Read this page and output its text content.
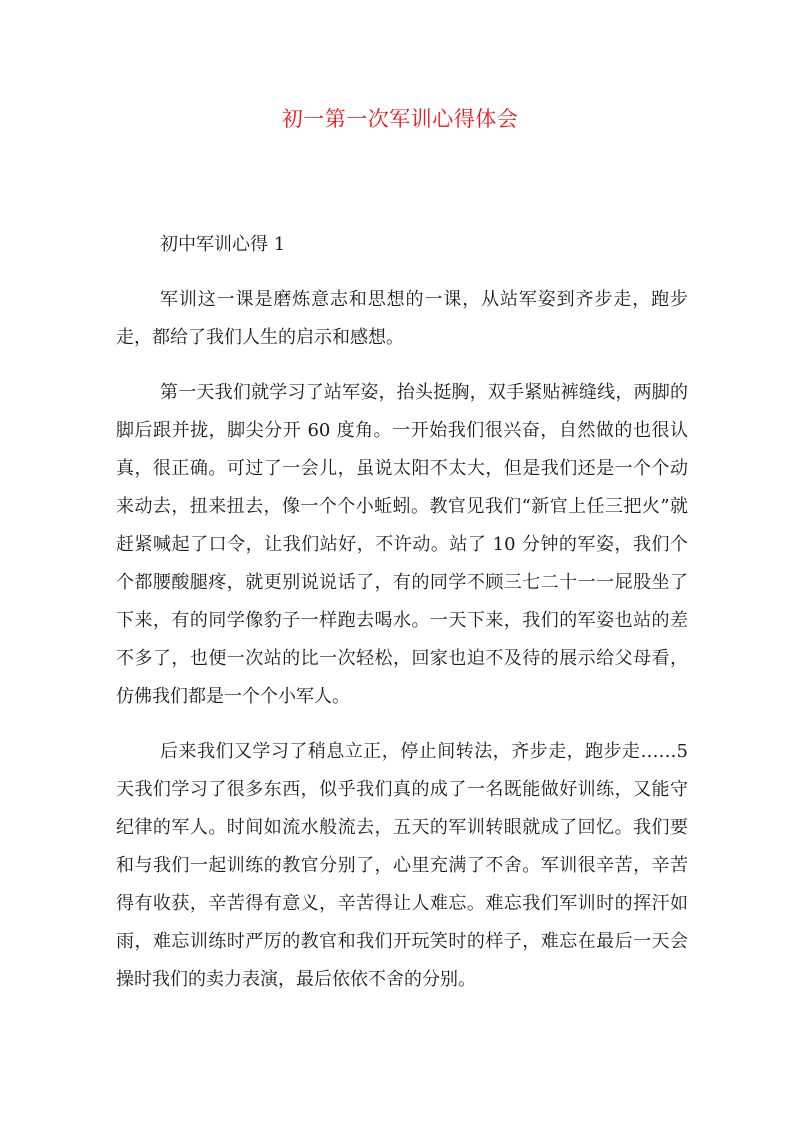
初一第一次军训心得体会

初中军训心得 1

军训这一课是磨炼意志和思想的一课，从站军姿到齐步走，跑步走，都给了我们人生的启示和感想。

第一天我们就学习了站军姿，抬头挺胸，双手紧贴裤缝线，两脚的脚后跟并拢，脚尖分开 60 度角。一开始我们很兴奋，自然做的也很认真，很正确。可过了一会儿，虽说太阳不太大，但是我们还是一个个动来动去，扭来扭去，像一个个小蚯蚓。教官见我们“新官上任三把火”就赶紧喊起了口令，让我们站好，不许动。站了 10 分钟的军姿，我们个个都腰酸腿疼，就更别说说话了，有的同学不顾三七二十一一屁股坐了下来，有的同学像豹子一样跑去喝水。一天下来，我们的军姿也站的差不多了，也便一次站的比一次轻松，回家也迫不及待的展示给父母看，仿佛我们都是一个个小军人。

后来我们又学习了稍息立正，停止间转法，齐步走，跑步走……5 天我们学习了很多东西，似乎我们真的成了一名既能做好训练，又能守纪律的军人。时间如流水般流去，五天的军训转眼就成了回忆。我们要和与我们一起训练的教官分别了，心里充满了不舍。军训很辛苦，辛苦得有收获，辛苦得有意义，辛苦得让人难忘。难忘我们军训时的挥汗如雨，难忘训练时严厉的教官和我们开玩笑时的样子，难忘在最后一天会操时我们的卖力表演，最后依依不舍的分别。
